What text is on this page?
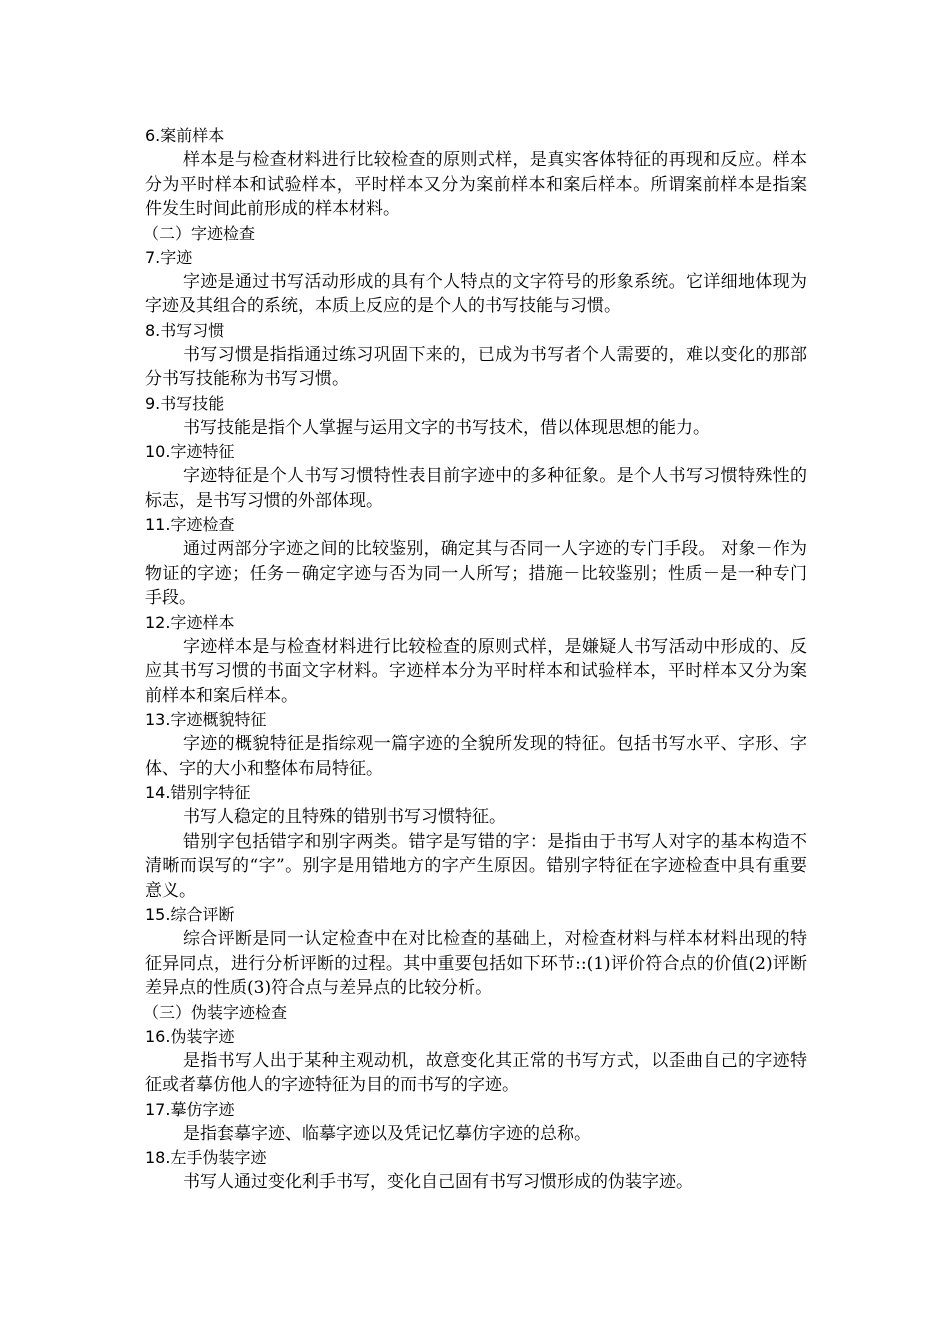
6.案前样本
样本是与检查材料进行比较检查的原则式样，是真实客体特征的再现和反应。样本分为平时样本和试验样本，平时样本又分为案前样本和案后样本。所谓案前样本是指案件发生时间此前形成的样本材料。
（二）字迹检查
7.字迹
字迹是通过书写活动形成的具有个人特点的文字符号的形象系统。它详细地体现为字迹及其组合的系统，本质上反应的是个人的书写技能与习惯。
8.书写习惯
书写习惯是指指通过练习巩固下来的，已成为书写者个人需要的，难以变化的那部分书写技能称为书写习惯。
9.书写技能
书写技能是指个人掌握与运用文字的书写技术，借以体现思想的能力。
10.字迹特征
字迹特征是个人书写习惯特性表目前字迹中的多种征象。是个人书写习惯特殊性的标志，是书写习惯的外部体现。
11.字迹检查
通过两部分字迹之间的比较鉴别，确定其与否同一人字迹的专门手段。 对象－作为物证的字迹；任务－确定字迹与否为同一人所写；措施－比较鉴别；性质－是一种专门手段。
12.字迹样本
字迹样本是与检查材料进行比较检查的原则式样，是嫌疑人书写活动中形成的、反应其书写习惯的书面文字材料。字迹样本分为平时样本和试验样本，平时样本又分为案前样本和案后样本。
13.字迹概貌特征
字迹的概貌特征是指综观一篇字迹的全貌所发现的特征。包括书写水平、字形、字体、字的大小和整体布局特征。
14.错别字特征
书写人稳定的且特殊的错别书写习惯特征。
错别字包括错字和别字两类。错字是写错的字：是指由于书写人对字的基本构造不清晰而误写的“字”。别字是用错地方的字产生原因。错别字特征在字迹检查中具有重要意义。
15.综合评断
综合评断是同一认定检查中在对比检查的基础上，对检查材料与样本材料出现的特征异同点，进行分析评断的过程。其中重要包括如下环节::(1)评价符合点的价值(2)评断差异点的性质(3)符合点与差异点的比较分析。
（三）伪装字迹检查
16.伪装字迹
是指书写人出于某种主观动机，故意变化其正常的书写方式，以歪曲自己的字迹特征或者摹仿他人的字迹特征为目的而书写的字迹。
17.摹仿字迹
是指套摹字迹、临摹字迹以及凭记忆摹仿字迹的总称。
18.左手伪装字迹
书写人通过变化利手书写，变化自己固有书写习惯形成的伪装字迹。
